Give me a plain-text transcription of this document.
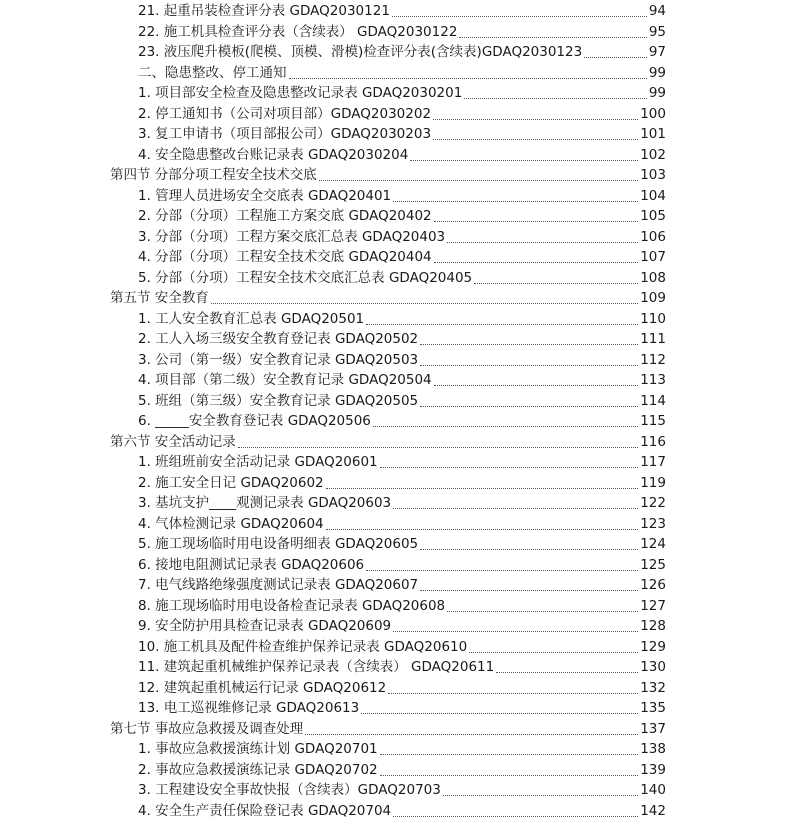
21. 起重吊装检查评分表 GDAQ2030121	94
22. 施工机具检查评分表（含续表） GDAQ2030122	95
23. 液压爬升模板(爬模、顶模、滑模)检查评分表(含续表)GDAQ2030123	97
二、隐患整改、停工通知	99
1. 项目部安全检查及隐患整改记录表 GDAQ2030201	99
2. 停工通知书（公司对项目部）GDAQ2030202	100
3. 复工申请书（项目部报公司）GDAQ2030203	101
4. 安全隐患整改台账记录表 GDAQ2030204	102
第四节 分部分项工程安全技术交底	103
1. 管理人员进场安全交底表 GDAQ20401	104
2. 分部（分项）工程施工方案交底 GDAQ20402	105
3. 分部（分项）工程方案交底汇总表 GDAQ20403	106
4. 分部（分项）工程安全技术交底 GDAQ20404	107
5. 分部（分项）工程安全技术交底汇总表 GDAQ20405	108
第五节 安全教育	109
1. 工人安全教育汇总表 GDAQ20501	110
2. 工人入场三级安全教育登记表 GDAQ20502	111
3. 公司（第一级）安全教育记录 GDAQ20503	112
4. 项目部（第二级）安全教育记录 GDAQ20504	113
5. 班组（第三级）安全教育记录 GDAQ20505	114
6. _____安全教育登记表 GDAQ20506	115
第六节 安全活动记录	116
1. 班组班前安全活动记录 GDAQ20601	117
2. 施工安全日记 GDAQ20602	119
3. 基坑支护____观测记录表 GDAQ20603	122
4. 气体检测记录 GDAQ20604	123
5. 施工现场临时用电设备明细表 GDAQ20605	124
6. 接地电阻测试记录表 GDAQ20606	125
7. 电气线路绝缘强度测试记录表 GDAQ20607	126
8. 施工现场临时用电设备检查记录表 GDAQ20608	127
9. 安全防护用具检查记录表 GDAQ20609	128
10. 施工机具及配件检查维护保养记录表 GDAQ20610	129
11. 建筑起重机械维护保养记录表（含续表） GDAQ20611	130
12. 建筑起重机械运行记录 GDAQ20612	132
13. 电工巡视维修记录 GDAQ20613	135
第七节 事故应急救援及调查处理	137
1. 事故应急救援演练计划 GDAQ20701	138
2. 事故应急救援演练记录 GDAQ20702	139
3. 工程建设安全事故快报（含续表）GDAQ20703	140
4. 安全生产责任保险登记表 GDAQ20704	142
